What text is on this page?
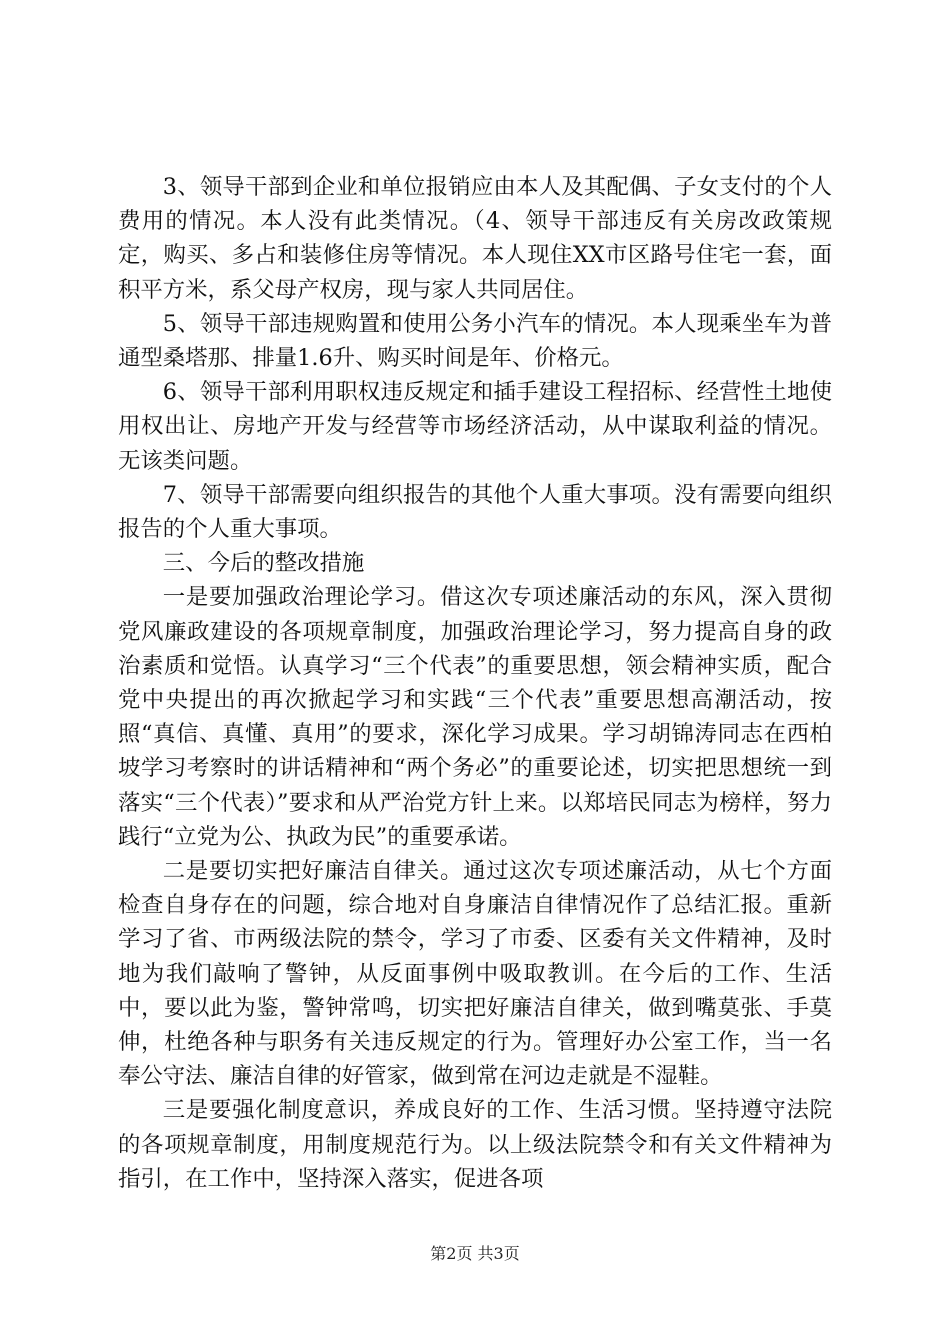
3、领导干部到企业和单位报销应由本人及其配偶、子女支付的个人费用的情况。本人没有此类情况。（4、领导干部违反有关房改政策规定，购买、多占和装修住房等情况。本人现住XX市区路号住宅一套，面积平方米，系父母产权房，现与家人共同居住。

5、领导干部违规购置和使用公务小汽车的情况。本人现乘坐车为普通型桑塔那、排量1.6升、购买时间是年、价格元。

6、领导干部利用职权违反规定和插手建设工程招标、经营性土地使用权出让、房地产开发与经营等市场经济活动，从中谋取利益的情况。无该类问题。

7、领导干部需要向组织报告的其他个人重大事项。没有需要向组织报告的个人重大事项。

三、今后的整改措施

一是要加强政治理论学习。借这次专项述廉活动的东风，深入贯彻党风廉政建设的各项规章制度，加强政治理论学习，努力提高自身的政治素质和觉悟。认真学习“三个代表”的重要思想，领会精神实质，配合党中央提出的再次掀起学习和实践“三个代表”重要思想高潮活动，按照“真信、真懂、真用”的要求，深化学习成果。学习胡锦涛同志在西柏坡学习考察时的讲话精神和“两个务必”的重要论述，切实把思想统一到落实“三个代表）”要求和从严治党方针上来。以郑培民同志为榜样，努力践行“立党为公、执政为民”的重要承诺。

二是要切实把好廉洁自律关。通过这次专项述廉活动，从七个方面检查自身存在的问题，综合地对自身廉洁自律情况作了总结汇报。重新学习了省、市两级法院的禁令，学习了市委、区委有关文件精神，及时地为我们敲响了警钟，从反面事例中吸取教训。在今后的工作、生活中，要以此为鉴，警钟常鸣，切实把好廉洁自律关，做到嘴莫张、手莫伸，杜绝各种与职务有关违反规定的行为。管理好办公室工作，当一名奉公守法、廉洁自律的好管家，做到常在河边走就是不湿鞋。

三是要强化制度意识，养成良好的工作、生活习惯。坚持遵守法院的各项规章制度，用制度规范行为。以上级法院禁令和有关文件精神为指引，在工作中，坚持深入落实，促进各项

第2页 共3页
